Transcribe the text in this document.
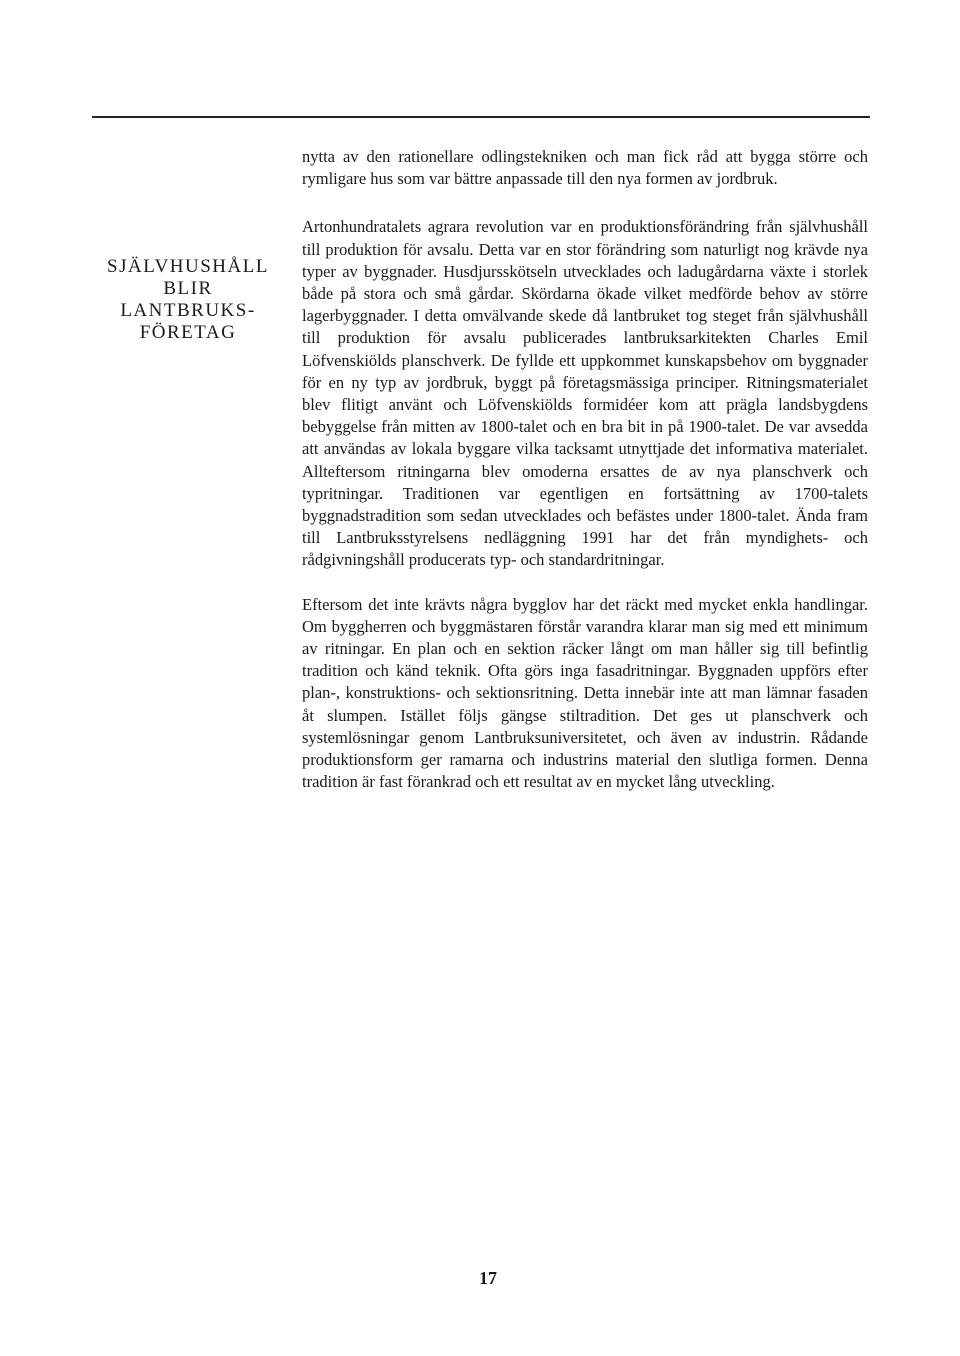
SJÄLVHUSHÅLL
BLIR
LANTBRUKS-
FÖRETAG

nytta av den rationellare odlingstekniken och man fick råd att bygga större och rymligare hus som var bättre anpassade till den nya formen av jordbruk.

Artonhundratalets agrara revolution var en produktionsförändring från självhushåll till produktion för avsalu. Detta var en stor förändring som naturligt nog krävde nya typer av byggnader. Husdjursskötseln utvecklades och ladugårdarna växte i storlek både på stora och små gårdar. Skördarna ökade vilket medförde behov av större lagerbyggnader. I detta omvälvande skede då lantbruket tog steget från självhushåll till produktion för avsalu publicerades lantbruksarkitekten Charles Emil Löfvenskiölds planschverk. De fyllde ett uppkommet kunskapsbehov om byggnader för en ny typ av jordbruk, byggt på företagsmässiga principer. Ritningsmaterialet blev flitigt använt och Löfvenskiölds formidéer kom att prägla landsbygdens bebyggelse från mitten av 1800-talet och en bra bit in på 1900-talet. De var avsedda att användas av lokala byggare vilka tacksamt utnyttjade det informativa materialet. Allteftersom ritningarna blev omoderna ersattes de av nya planschverk och typritningar. Traditionen var egentligen en fortsättning av 1700-talets byggnadstradition som sedan utvecklades och befästes under 1800-talet. Ända fram till Lantbruksstyrelsens nedläggning 1991 har det från myndighets- och rådgivningshåll producerats typ- och standardritningar.

Eftersom det inte krävts några bygglov har det räckt med mycket enkla handlingar. Om byggherren och byggmästaren förstår varandra klarar man sig med ett minimum av ritningar. En plan och en sektion räcker långt om man håller sig till befintlig tradition och känd teknik. Ofta görs inga fasadritningar. Byggnaden uppförs efter plan-, konstruktions- och sektionsritning. Detta innebär inte att man lämnar fasaden åt slumpen. Istället följs gängse stiltradition. Det ges ut planschverk och systemlösningar genom Lantbruksuniversitetet, och även av industrin. Rådande produktionsform ger ramarna och industrins material den slutliga formen. Denna tradition är fast förankrad och ett resultat av en mycket lång utveckling.

17
